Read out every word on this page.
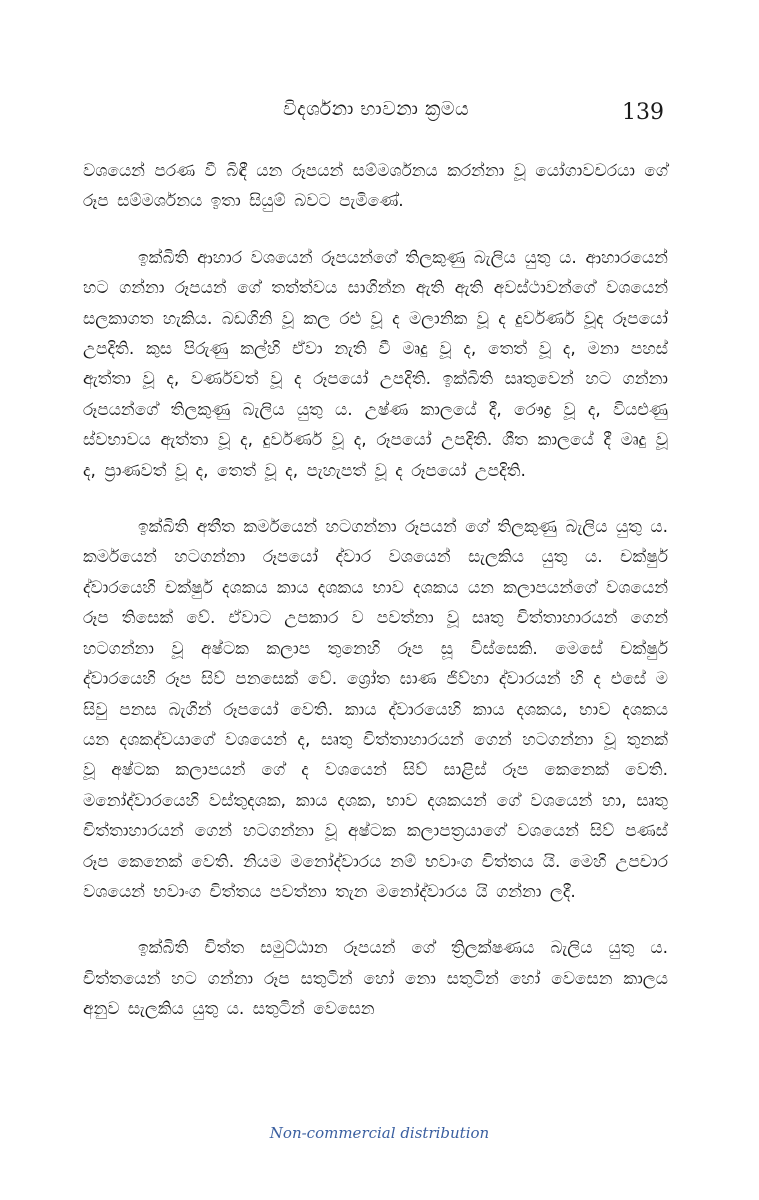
විදර්ශනා භාවනා ක්‍රමය	139

වශයෙන් පරණ වී බිඳී යන රූපයන් සම්මර්ශනය කරන්නා වූ යෝගාවචරයා ගේ රූප සම්මර්ශනය ඉතා සියුම් බවට පැමිණේ.

ඉක්බිති ආහාර වශයෙන් රූපයන්ගේ තිලකුණු බැලිය යුතු ය. ආහාරයෙන් හට ගන්නා රූපයන් ගේ තත්ත්වය සාගින්න ඇති ඇති අවස්ථාවන්ගේ වශයෙන් සලකාගත හැකිය. බඩගිනි වූ කල රළු වූ ද මලානික වූ ද දුර්වර්ණ වූද රූපයෝ උපදිති. කුස පිරුණු කල්හි ඒවා නැති වී මෘදු වූ ද, තෙත් වූ ද, මනා පහස් ඇත්තා වූ ද, වර්ණවත් වූ ද රූපයෝ උපදිති. ඉක්බිති සෘතුවෙන් හට ගන්නා රූපයන්ගේ තිලකුණු බැලිය යුතු ය. උෂ්ණ කාලයේ දී, රෞද්‍ර වූ ද, වියළුණු ස්වභාවය ඇත්තා වූ ද, දුර්වර්ණ වූ ද, රූපයෝ උපදිති. ශීත කාලයේ දී මෘදු වූ ද, ප්‍රාණවත් වූ ද, තෙත් වූ ද, පැහැපත් වූ ද රූපයෝ උපදිති.

ඉක්බිති අතීත කර්මයෙන් හටගන්නා රූපයන් ගේ තිලකුණු බැලිය යුතු ය. කර්මයෙන් හටගන්නා රූපයෝ ද්වාර වශයෙන් සැලකිය යුතු ය. චක්ෂුර් ද්වාරයෙහි චක්ෂුර් දශකය කාය දශකය භාව දශකය යන කලාපයන්ගේ වශයෙන් රූප තිසෙක් වේ. ඒවාට උපකාර ව පවත්නා වූ සෘතු චිත්තාහාරයන් ගෙන් හටගන්නා වූ අෂ්ටක කලාප තුනෙහි රූප සූ විස්සෙකි. මෙසේ චක්ෂුර් ද්වාරයෙහි රූප සිව් පනසෙක් වේ. ශ්‍රෝත ඝාණ ජිව්හා ද්වාරයන් හි ද එසේ ම සිවු පනස බැගින් රූපයෝ වෙති. කාය ද්වාරයෙහි කාය දශකය, භාව දශකය යන දශකද්වයාගේ වශයෙන් ද, සෘතු චිත්තාහාරයන් ගෙන් හටගන්නා වූ තුනක් වූ අෂ්ටක කලාපයන් ගේ ද වශයෙන් සිව් සාළිස් රූප කෙනෙක් වෙති. මනෝද්වාරයෙහි වස්තුදශක, කාය දශක, භාව දශකයන් ගේ වශයෙන් හා, සෘතු චිත්තාහාරයන් ගෙන් හටගන්නා වූ අෂ්ටක කලාපත්‍රයාගේ වශයෙන් සිව් පණස් රූප කෙනෙක් වෙති. නියම මනෝද්වාරය නම් භවාංග චිත්තය යි. මෙහි උපචාර වශයෙන් භවාංග චිත්තය පවත්නා තැන මනෝද්වාරය යි ගන්නා ලදී.

ඉක්බිති චිත්ත සමුට්ඨාන රූපයන් ගේ ත්‍රිලක්ෂණය බැලිය යුතු ය. චිත්තයෙන් හට ගන්නා රූප සතුටින් හෝ නො සතුටින් හෝ වෙසෙන කාලය අනුව සැලකිය යුතු ය. සතුටින් වෙසෙන

Non-commercial distribution
